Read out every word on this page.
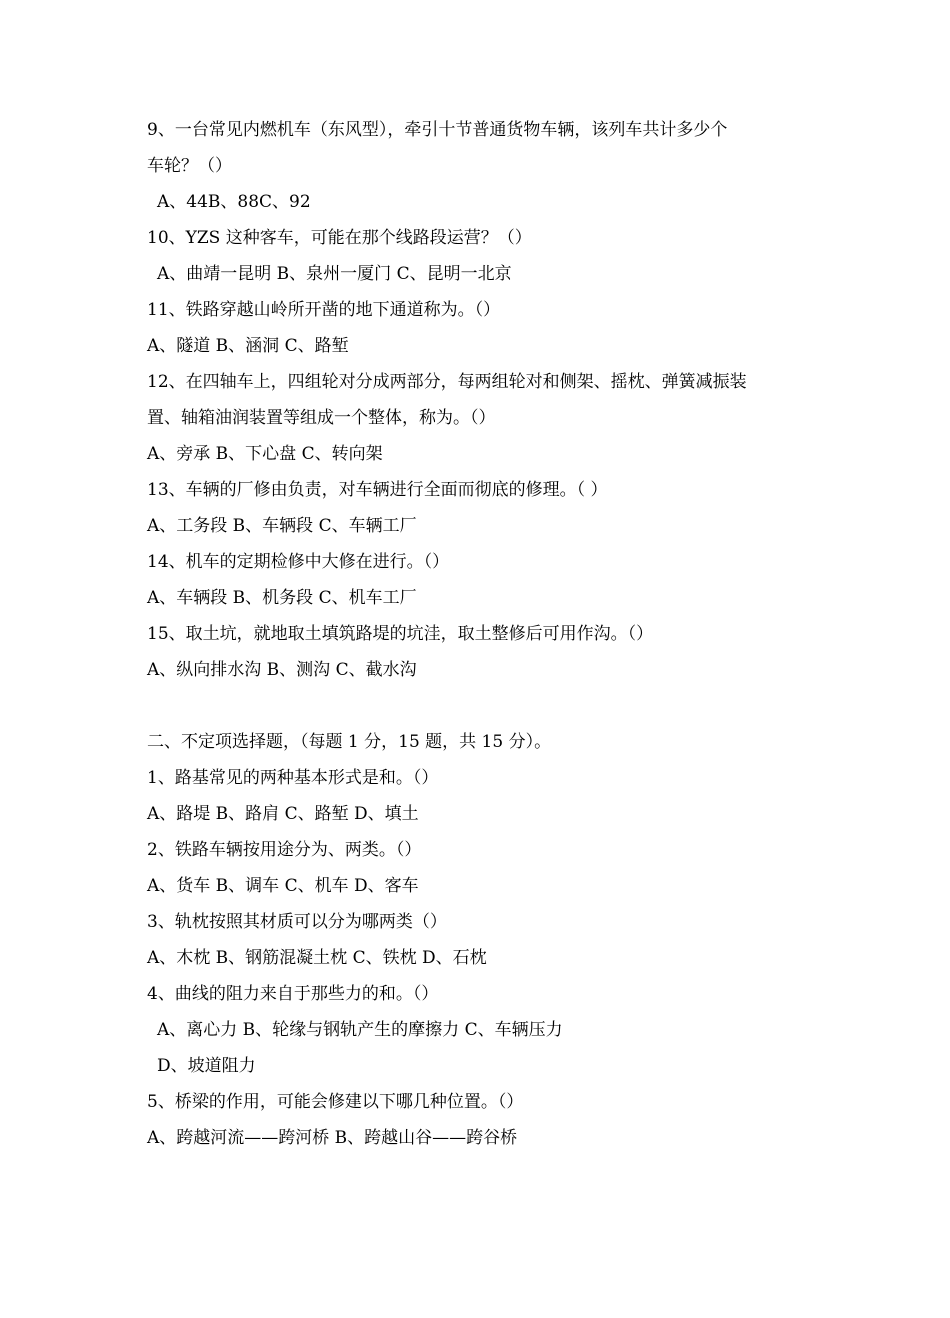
9、一台常见内燃机车（东风型），牵引十节普通货物车辆，该列车共计多少个
车轮？（）
A、44B、88C、92
10、YZS 这种客车，可能在那个线路段运营？（）
A、曲靖一昆明 B、泉州一厦门 C、昆明一北京
11、铁路穿越山岭所开凿的地下通道称为。（）
A、隧道 B、涵洞 C、路堑
12、在四轴车上，四组轮对分成两部分，每两组轮对和侧架、摇枕、弹簧减振装
置、轴箱油润装置等组成一个整体，称为。（）
A、旁承 B、下心盘 C、转向架
13、车辆的厂修由负责，对车辆进行全面而彻底的修理。（ ）
A、工务段 B、车辆段 C、车辆工厂
14、机车的定期检修中大修在进行。（）
A、车辆段 B、机务段 C、机车工厂
15、取土坑，就地取土填筑路堤的坑洼，取土整修后可用作沟。（）
A、纵向排水沟 B、测沟 C、截水沟
二、不定项选择题，（每题 1 分，15 题，共 15 分）。
1、路基常见的两种基本形式是和。（）
A、路堤 B、路肩 C、路堑 D、填土
2、铁路车辆按用途分为、两类。（）
A、货车 B、调车 C、机车 D、客车
3、轨枕按照其材质可以分为哪两类（）
A、木枕 B、钢筋混凝土枕 C、铁枕 D、石枕
4、曲线的阻力来自于那些力的和。（）
A、离心力 B、轮缘与钢轨产生的摩擦力 C、车辆压力
D、坡道阻力
5、桥梁的作用，可能会修建以下哪几种位置。（）
A、跨越河流——跨河桥 B、跨越山谷——跨谷桥
